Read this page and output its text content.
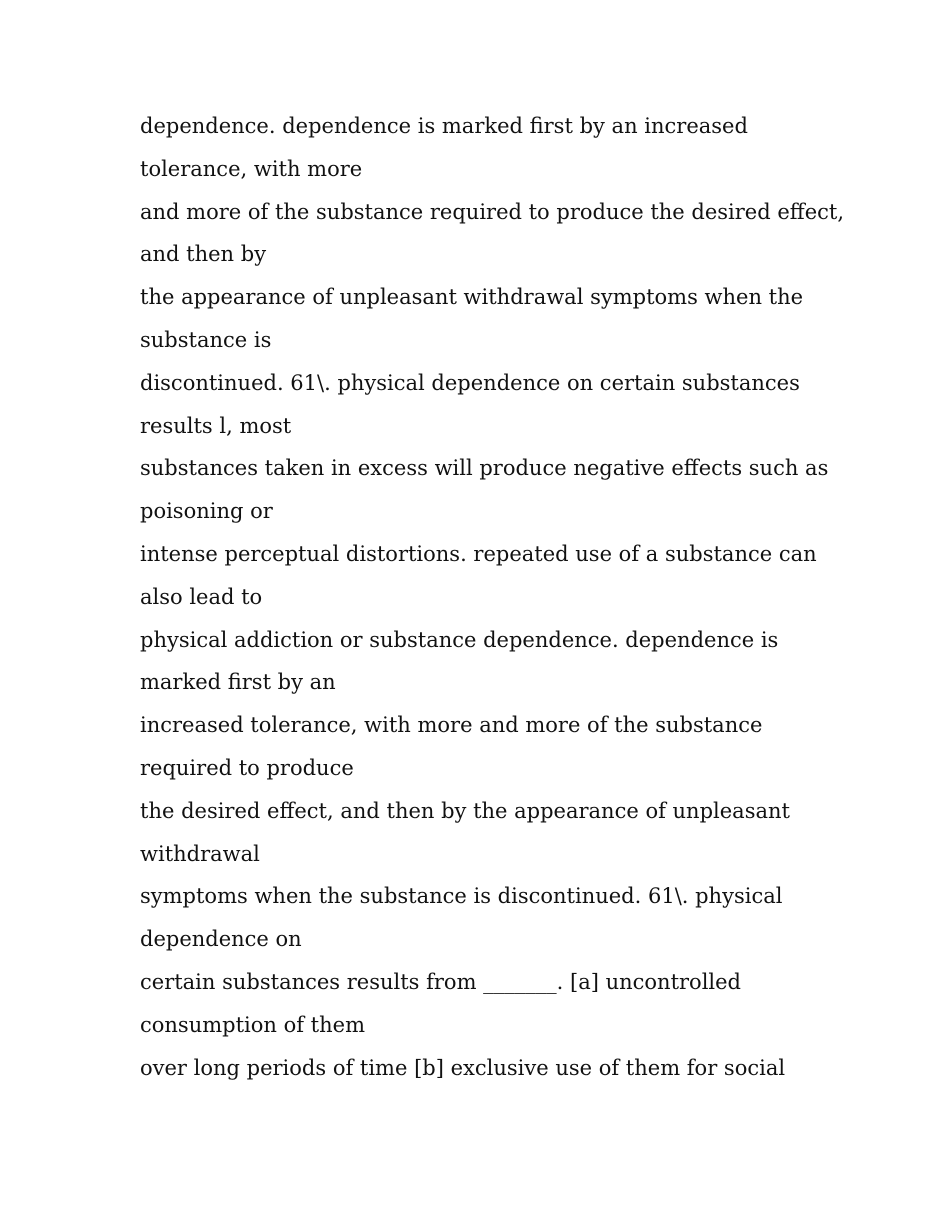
dependence. dependence is marked first by an increased
tolerance, with more
and more of the substance required to produce the desired effect,
and then by
the appearance of unpleasant withdrawal symptoms when the
substance is
discontinued. 61\. physical dependence on certain substances
results l, most
substances taken in excess will produce negative effects such as
poisoning or
intense perceptual distortions. repeated use of a substance can
also lead to
physical addiction or substance dependence. dependence is
marked first by an
increased tolerance, with more and more of the substance
required to produce
the desired effect, and then by the appearance of unpleasant
withdrawal
symptoms when the substance is discontinued. 61\. physical
dependence on
certain substances results from _______. [a] uncontrolled
consumption of them
over long periods of time [b] exclusive use of them for social
